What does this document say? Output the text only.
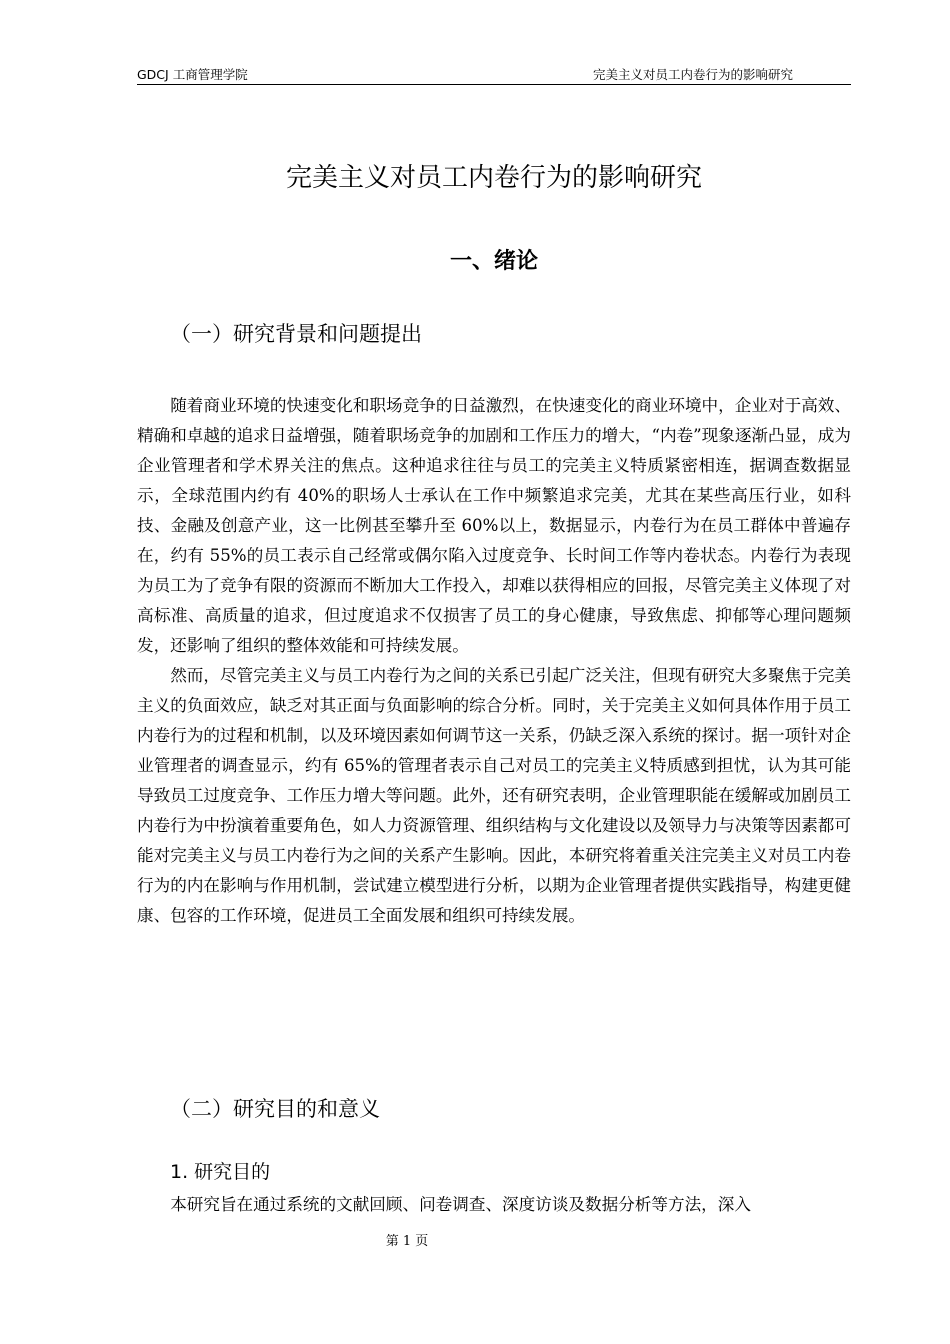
GDCJ 工商管理学院	完美主义对员工内卷行为的影响研究
完美主义对员工内卷行为的影响研究
一、绪论
（一）研究背景和问题提出

随着商业环境的快速变化和职场竞争的日益激烈，在快速变化的商业环境中，企业对于高效、精确和卓越的追求日益增强，随着职场竞争的加剧和工作压力的增大，“内卷”现象逐渐凸显，成为企业管理者和学术界关注的焦点。这种追求往往与员工的完美主义特质紧密相连，据调查数据显示，全球范围内约有 40%的职场人士承认在工作中频繁追求完美，尤其在某些高压行业，如科技、金融及创意产业，这一比例甚至攀升至 60%以上，数据显示，内卷行为在员工群体中普遍存在，约有 55%的员工表示自己经常或偶尔陷入过度竞争、长时间工作等内卷状态。内卷行为表现为员工为了竞争有限的资源而不断加大工作投入，却难以获得相应的回报，尽管完美主义体现了对高标准、高质量的追求，但过度追求不仅损害了员工的身心健康，导致焦虑、抑郁等心理问题频发，还影响了组织的整体效能和可持续发展。

然而，尽管完美主义与员工内卷行为之间的关系已引起广泛关注，但现有研究大多聚焦于完美主义的负面效应，缺乏对其正面与负面影响的综合分析。同时，关于完美主义如何具体作用于员工内卷行为的过程和机制，以及环境因素如何调节这一关系，仍缺乏深入系统的探讨。据一项针对企业管理者的调查显示，约有 65%的管理者表示自己对员工的完美主义特质感到担忧，认为其可能导致员工过度竞争、工作压力增大等问题。此外，还有研究表明，企业管理职能在缓解或加剧员工内卷行为中扮演着重要角色，如人力资源管理、组织结构与文化建设以及领导力与决策等因素都可能对完美主义与员工内卷行为之间的关系产生影响。因此，本研究将着重关注完美主义对员工内卷行为的内在影响与作用机制，尝试建立模型进行分析，以期为企业管理者提供实践指导，构建更健康、包容的工作环境，促进员工全面发展和组织可持续发展。

（二）研究目的和意义
1. 研究目的

本研究旨在通过系统的文献回顾、问卷调查、深度访谈及数据分析等方法，深入

第 1 页
